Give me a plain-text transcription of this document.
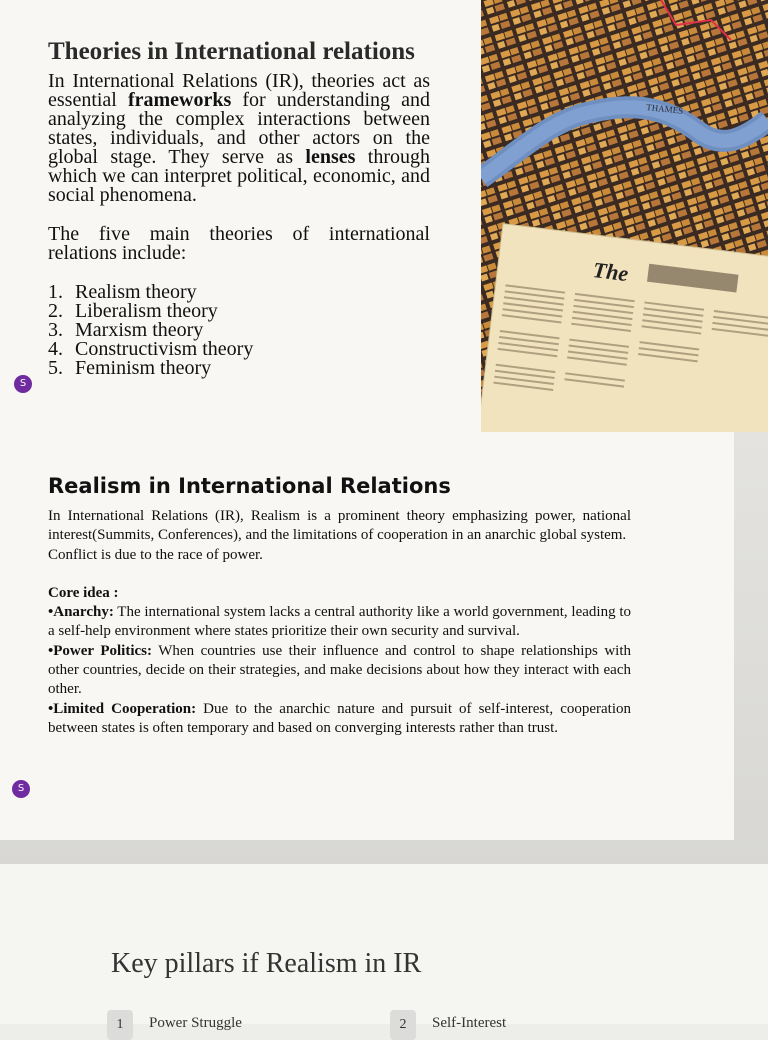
Theories in International relations

In International Relations (IR), theories act as essential frameworks for understanding and analyzing the complex interactions between states, individuals, and other actors on the global stage. They serve as lenses through which we can interpret political, economic, and social phenomena.

The five main theories of international relations include:

1. Realism theory
2. Liberalism theory
3. Marxism theory
4. Constructivism theory
5. Feminism theory
THAMES
The
S
Realism in International Relations

In International Relations (IR), Realism is a prominent theory emphasizing power, national interest(Summits, Conferences), and the limitations of cooperation in an anarchic global system.

Conflict is due to the race of power.

Core idea :

•Anarchy: The international system lacks a central authority like a world government, leading to a self-help environment where states prioritize their own security and survival.

•Power Politics: When countries use their influence and control to shape relationships with other countries, decide on their strategies, and make decisions about how they interact with each other.

•Limited Cooperation: Due to the anarchic nature and pursuit of self-interest, cooperation between states is often temporary and based on converging interests rather than trust.

S
Key pillars if Realism in IR
1	Power Struggle	2	Self-Interest
